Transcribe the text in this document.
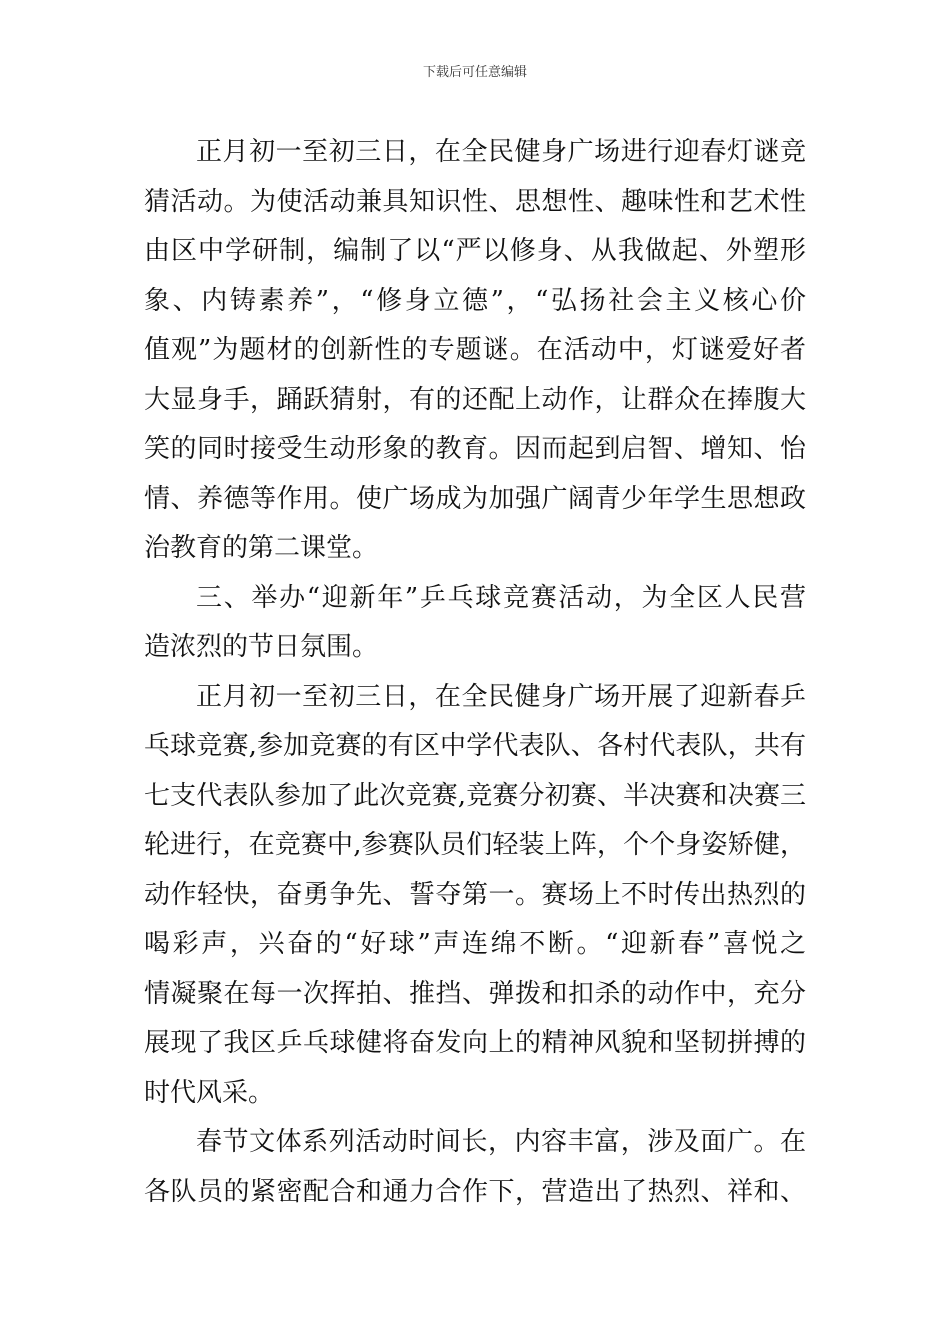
下载后可任意编辑
正月初一至初三日，在全民健身广场进行迎春灯谜竞
猜活动。为使活动兼具知识性、思想性、趣味性和艺术性
由区中学研制，编制了以“严以修身、从我做起、外塑形
象、内铸素养”，“修身立德”，“弘扬社会主义核心价
值观”为题材的创新性的专题谜。在活动中，灯谜爱好者
大显身手，踊跃猜射，有的还配上动作，让群众在捧腹大
笑的同时接受生动形象的教育。因而起到启智、增知、怡
情、养德等作用。使广场成为加强广阔青少年学生思想政
治教育的第二课堂。
三、举办“迎新年”乒乓球竞赛活动，为全区人民营
造浓烈的节日氛围。
正月初一至初三日，在全民健身广场开展了迎新春乒
乓球竞赛,参加竞赛的有区中学代表队、各村代表队，共有
七支代表队参加了此次竞赛,竞赛分初赛、半决赛和决赛三
轮进行，在竞赛中,参赛队员们轻装上阵，个个身姿矫健，
动作轻快，奋勇争先、誓夺第一。赛场上不时传出热烈的
喝彩声，兴奋的“好球”声连绵不断。“迎新春”喜悦之
情凝聚在每一次挥拍、推挡、弹拨和扣杀的动作中，充分
展现了我区乒乓球健将奋发向上的精神风貌和坚韧拼搏的
时代风采。
春节文体系列活动时间长，内容丰富，涉及面广。在
各队员的紧密配合和通力合作下，营造出了热烈、祥和、
